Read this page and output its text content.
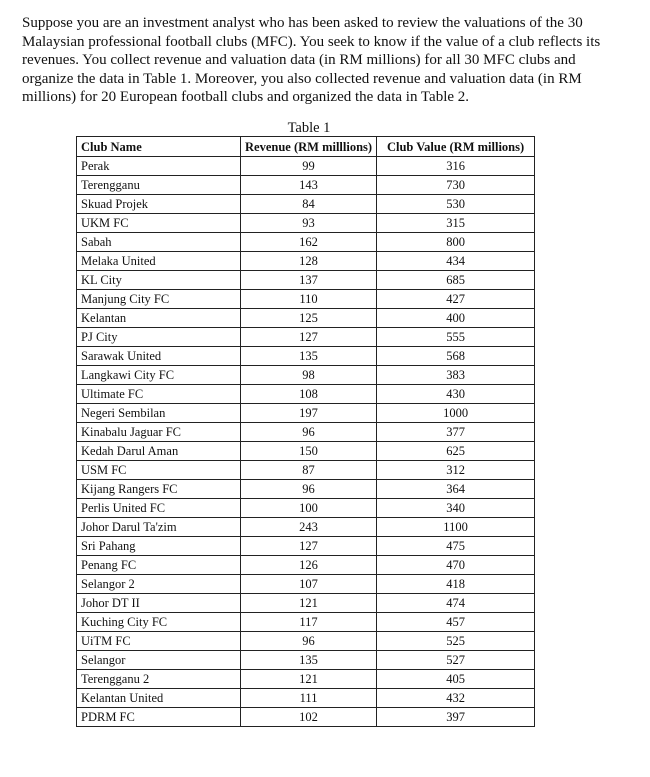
Suppose you are an investment analyst who has been asked to review the valuations of the 30 Malaysian professional football clubs (MFC). You seek to know if the value of a club reflects its revenues. You collect revenue and valuation data (in RM millions) for all 30 MFC clubs and organize the data in Table 1. Moreover, you also collected revenue and valuation data (in RM millions) for 20 European football clubs and organized the data in Table 2.

Table 1
Club Name	Revenue (RM milllions)	Club Value (RM millions)
Perak	99	316
Terengganu	143	730
Skuad Projek	84	530
UKM FC	93	315
Sabah	162	800
Melaka United	128	434
KL City	137	685
Manjung City FC	110	427
Kelantan	125	400
PJ City	127	555
Sarawak United	135	568
Langkawi City FC	98	383
Ultimate FC	108	430
Negeri Sembilan	197	1000
Kinabalu Jaguar FC	96	377
Kedah Darul Aman	150	625
USM FC	87	312
Kijang Rangers FC	96	364
Perlis United FC	100	340
Johor Darul Ta'zim	243	1100
Sri Pahang	127	475
Penang FC	126	470
Selangor 2	107	418
Johor DT II	121	474
Kuching City FC	117	457
UiTM FC	96	525
Selangor	135	527
Terengganu 2	121	405
Kelantan United	111	432
PDRM FC	102	397
